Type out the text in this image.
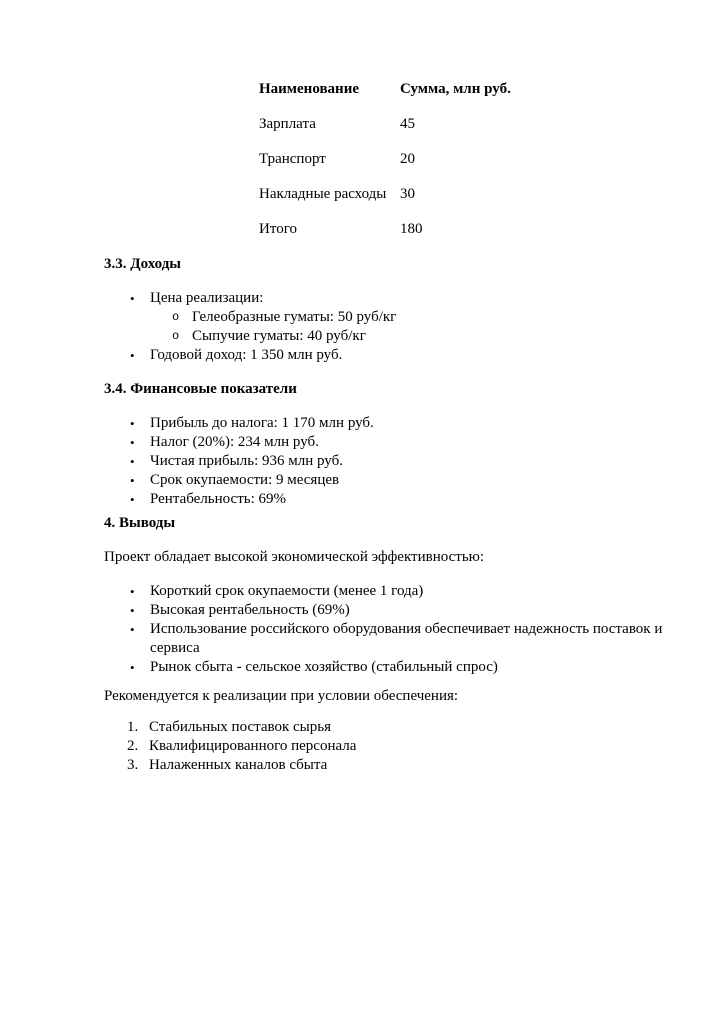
Наименование	Сумма, млн руб.
Зарплата	45
Транспорт	20
Накладные расходы 30
Итого	180
3.3. Доходы
•	Цена реализации:
o Гелеобразные гуматы: 50 руб/кг
o Сыпучие гуматы: 40 руб/кг
•	Годовой доход: 1 350 млн руб.
3.4. Финансовые показатели
•	Прибыль до налога: 1 170 млн руб.
•	Налог (20%): 234 млн руб.
•	Чистая прибыль: 936 млн руб.
•	Срок окупаемости: 9 месяцев
•	Рентабельность: 69%
4. Выводы
Проект обладает высокой экономической эффективностью:
•	Короткий срок окупаемости (менее 1 года)
•	Высокая рентабельность (69%)
•	Использование российского оборудования обеспечивает надежность поставок и сервиса
•	Рынок сбыта - сельское хозяйство (стабильный спрос)
Рекомендуется к реализации при условии обеспечения:
1. Стабильных поставок сырья
2. Квалифицированного персонала
3. Налаженных каналов сбыта
